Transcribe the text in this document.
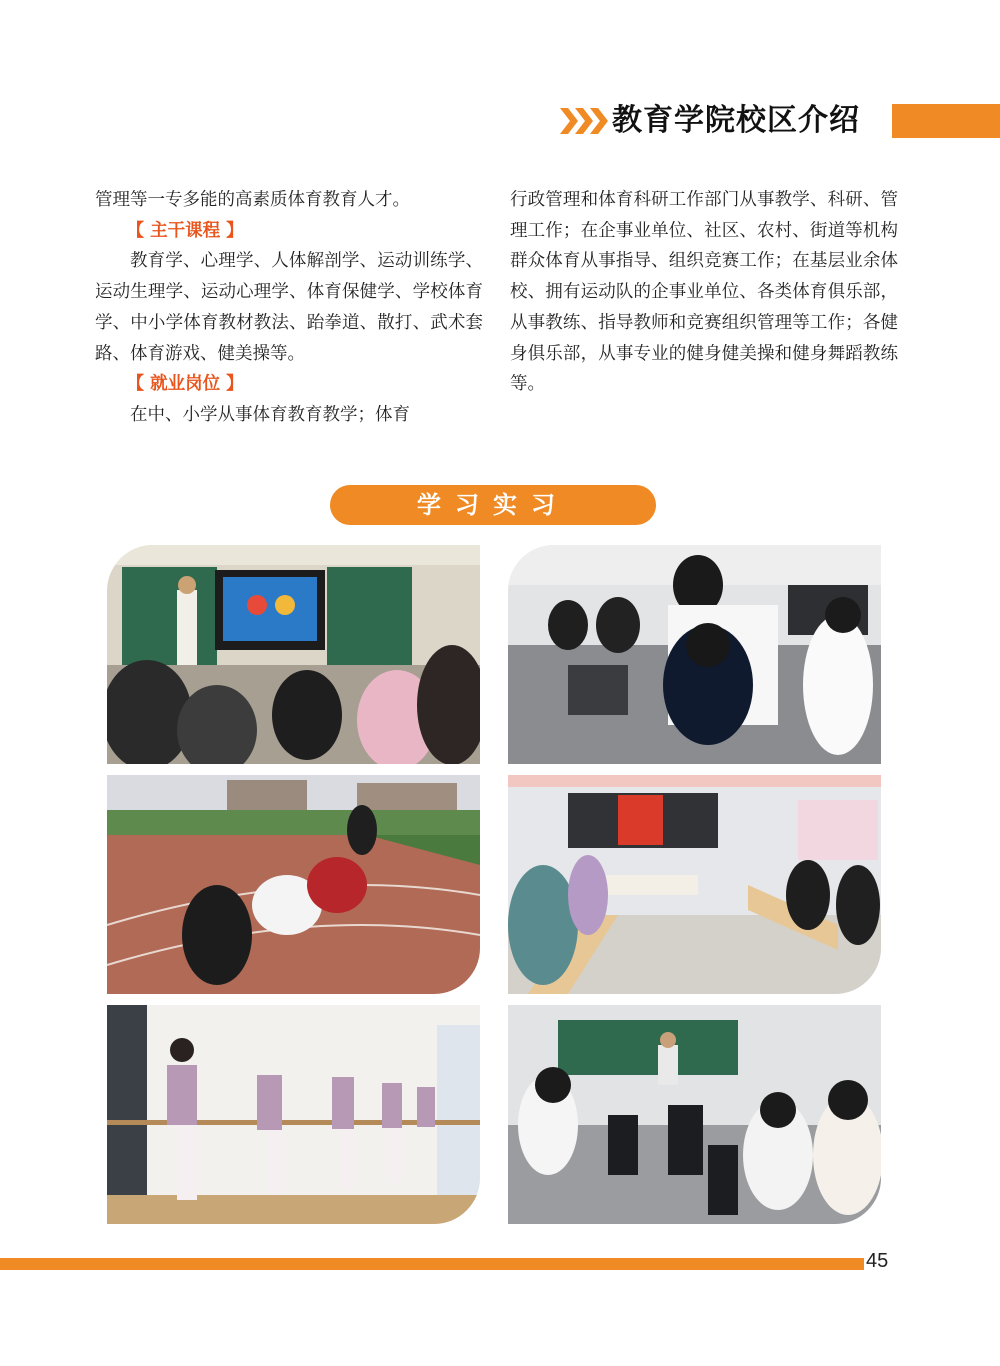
教育学院校区介绍

管理等一专多能的高素质体育教育人才。

【 主干课程 】

教育学、心理学、人体解剖学、运动训练学、运动生理学、运动心理学、体育保健学、学校体育学、中小学体育教材教法、跆拳道、散打、武术套路、体育游戏、健美操等。

【 就业岗位 】

在中、小学从事体育教育教学；体育

行政管理和体育科研工作部门从事教学、科研、管理工作；在企事业单位、社区、农村、街道等机构群众体育从事指导、组织竞赛工作；在基层业余体校、拥有运动队的企事业单位、各类体育俱乐部，从事教练、指导教师和竞赛组织管理等工作；各健身俱乐部，从事专业的健身健美操和健身舞蹈教练等。

学习实习
45
